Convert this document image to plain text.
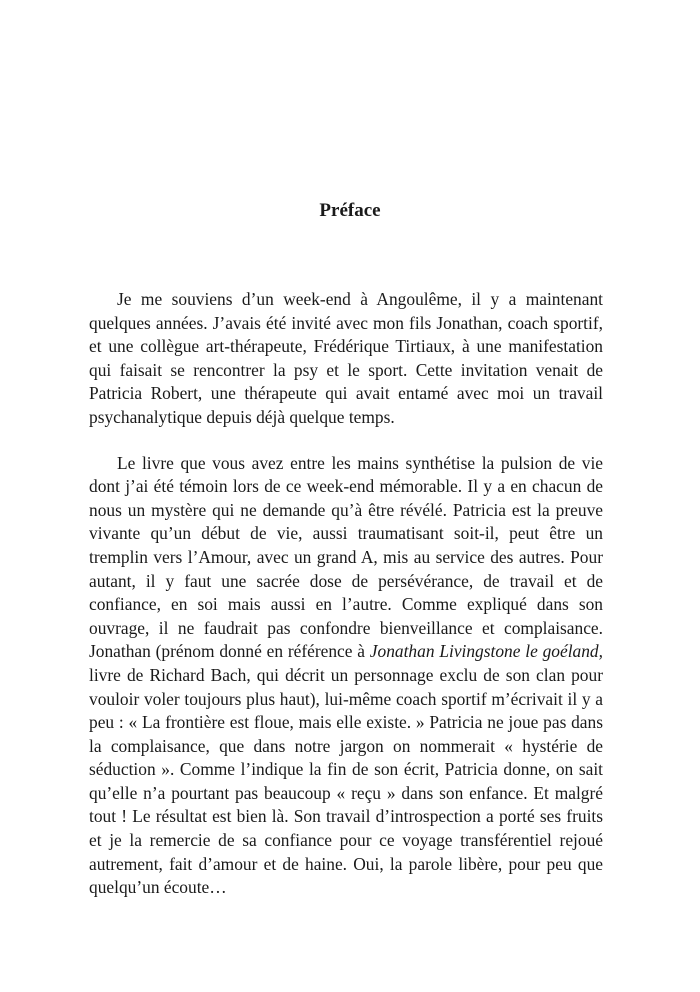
Préface

Je me souviens d’un week-end à Angoulême, il y a maintenant quelques années. J’avais été invité avec mon fils Jonathan, coach sportif, et une collègue art-thérapeute, Frédérique Tirtiaux, à une manifestation qui faisait se rencontrer la psy et le sport. Cette invitation venait de Patricia Robert, une thérapeute qui avait entamé avec moi un travail psychanalytique depuis déjà quelque temps.

Le livre que vous avez entre les mains synthétise la pulsion de vie dont j’ai été témoin lors de ce week-end mémorable. Il y a en chacun de nous un mystère qui ne demande qu’à être révélé. Patricia est la preuve vivante qu’un début de vie, aussi traumatisant soit-il, peut être un tremplin vers l’Amour, avec un grand A, mis au service des autres. Pour autant, il y faut une sacrée dose de persévérance, de travail et de confiance, en soi mais aussi en l’autre. Comme expliqué dans son ouvrage, il ne faudrait pas confondre bienveillance et complaisance. Jonathan (prénom donné en référence à Jonathan Livingstone le goéland, livre de Richard Bach, qui décrit un personnage exclu de son clan pour vouloir voler toujours plus haut), lui-même coach sportif m’écrivait il y a peu : « La frontière est floue, mais elle existe. » Patricia ne joue pas dans la complaisance, que dans notre jargon on nommerait « hystérie de séduction ». Comme l’indique la fin de son écrit, Patricia donne, on sait qu’elle n’a pourtant pas beaucoup « reçu » dans son enfance. Et malgré tout ! Le résultat est bien là. Son travail d’introspection a porté ses fruits et je la remercie de sa confiance pour ce voyage transférentiel rejoué autrement, fait d’amour et de haine. Oui, la parole libère, pour peu que quelqu’un écoute…
